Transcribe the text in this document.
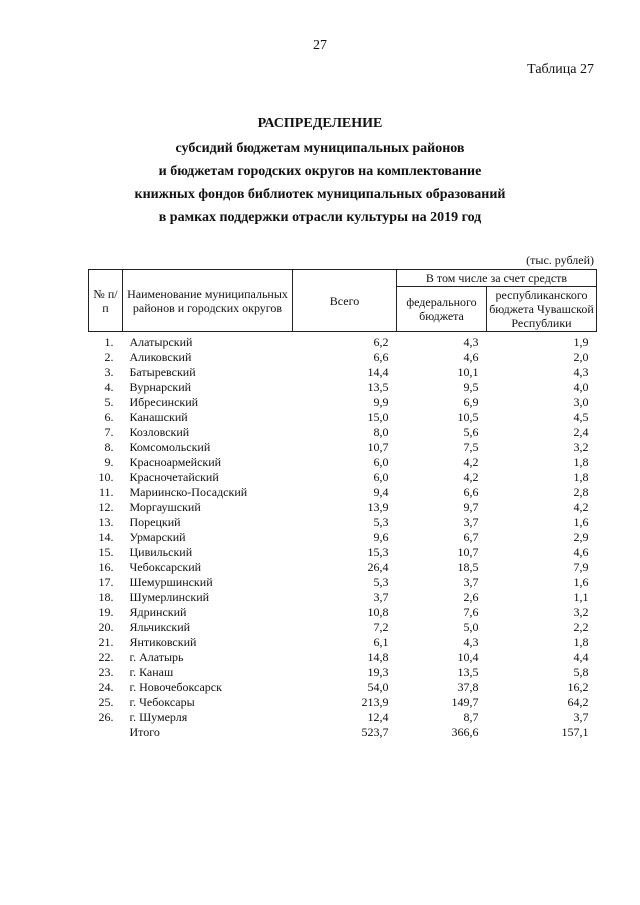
27
Таблица 27
РАСПРЕДЕЛЕНИЕ
субсидий бюджетам муниципальных районов
и бюджетам городских округов на комплектование
книжных фондов библиотек муниципальных образований
в рамках поддержки отрасли культуры на 2019 год
(тыс. рублей)
№ п/п	Наименование муниципальных районов и городских округов	Всего	В том числе за счет средств	
			федерального бюджета	республиканского бюджета Чувашской Республики
1.	Алатырский	6,2	4,3	1,9
2.	Аликовский	6,6	4,6	2,0
3.	Батыревский	14,4	10,1	4,3
4.	Вурнарский	13,5	9,5	4,0
5.	Ибресинский	9,9	6,9	3,0
6.	Канашский	15,0	10,5	4,5
7.	Козловский	8,0	5,6	2,4
8.	Комсомольский	10,7	7,5	3,2
9.	Красноармейский	6,0	4,2	1,8
10.	Красночетайский	6,0	4,2	1,8
11.	Мариинско-Посадский	9,4	6,6	2,8
12.	Моргаушский	13,9	9,7	4,2
13.	Порецкий	5,3	3,7	1,6
14.	Урмарский	9,6	6,7	2,9
15.	Цивильский	15,3	10,7	4,6
16.	Чебоксарский	26,4	18,5	7,9
17.	Шемуршинский	5,3	3,7	1,6
18.	Шумерлинский	3,7	2,6	1,1
19.	Ядринский	10,8	7,6	3,2
20.	Яльчикский	7,2	5,0	2,2
21.	Янтиковский	6,1	4,3	1,8
22.	г. Алатырь	14,8	10,4	4,4
23.	г. Канаш	19,3	13,5	5,8
24.	г. Новочебоксарск	54,0	37,8	16,2
25.	г. Чебоксары	213,9	149,7	64,2
26.	г. Шумерля	12,4	8,7	3,7
	Итого	523,7	366,6	157,1
